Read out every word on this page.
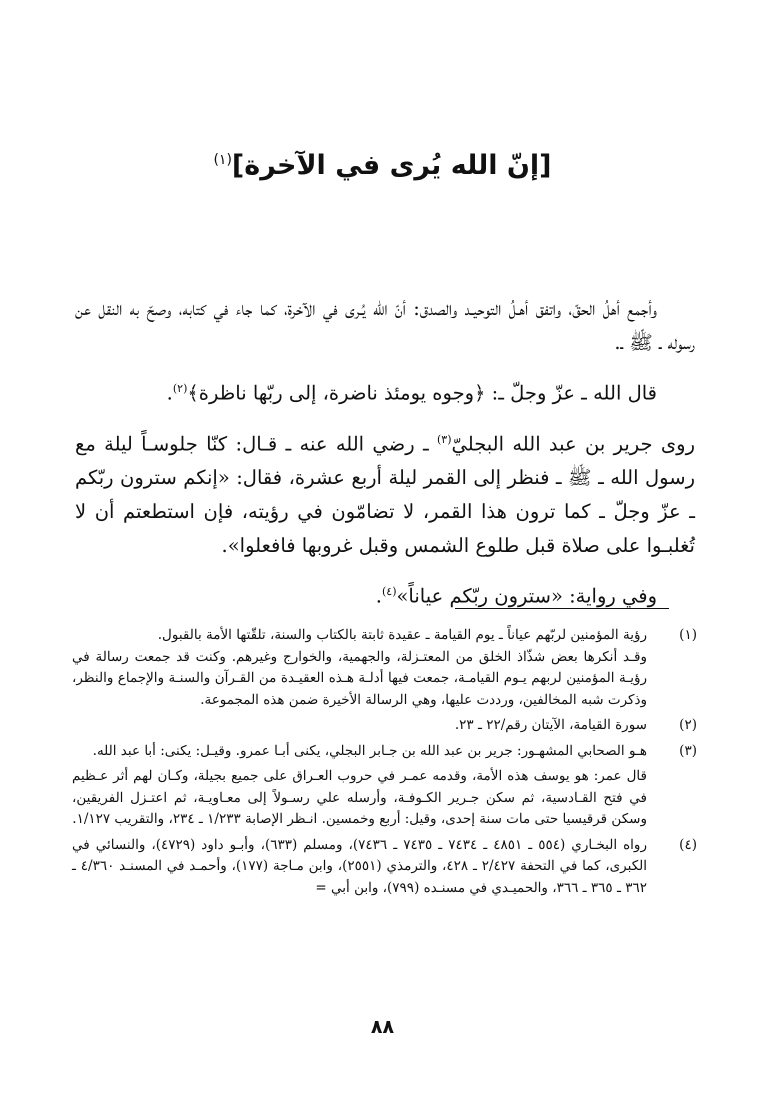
[إنّ الله يُرى في الآخرة]$^{(١)}$

وأجمع أهلُ الحقّ، واتفق أهـلُ التوحيـد والصدق: أنّ الله يُـرى في الآخرة، كما جاء في كتابه، وصحّ به النقل عن رسوله ـ ﷺ ـ.

قال الله ـ عزّ وجلّ ـ: ﴿وجوه يومئذ ناضرة، إلى ربّها ناظرة﴾$^{(٢)}$.

روى جرير بن عبد الله البجليّ$^{(٣)}$ ـ رضي الله عنه ـ قـال: كنّا جلوسـاً ليلة مع رسول الله ـ ﷺ ـ فنظر إلى القمر ليلة أربع عشرة، فقال: «إنكم سترون ربّكم ـ عزّ وجلّ ـ كما ترون هذا القمر، لا تضامّون في رؤيته، فإن استطعتم أن لا تُغلبـوا على صلاة قبل طلوع الشمس وقبل غروبها فافعلوا».

وفي رواية: «سترون ربّكم عياناً»$^{(٤)}$.

(١)
رؤية المؤمنين لربّهم عياناً ـ يوم القيامة ـ عقيدة ثابتة بالكتاب والسنة، تلقّتها الأمة بالقبول.
وقـد أنكرها بعض شذّاذ الخلق من المعتـزلة، والجهمية، والخوارج وغيرهم. وكنت قد جمعت رسالة في رؤيـة المؤمنين لربهم يـوم القيامـة، جمعت فيها أدلـة هـذه العقيـدة من القـرآن والسنـة والإجماع والنظر، وذكرت شبه المخالفين، ورددت عليها، وهي الرسالة الأخيرة ضمن هذه المجموعة.
(٢)
سورة القيامة، الآيتان رقم/٢٢ ـ ٢٣.
(٣)
هـو الصحابي المشهـور: جرير بن عبد الله بن جـابر البجلي، يكنى أبـا عمرو. وقيـل: يكنى: أبا عبد الله.
قال عمر: هو يوسف هذه الأمة، وقدمه عمـر في حروب العـراق على جميع بجيلة، وكـان لهم أثر عـظيم في فتح القـادسية، ثم سكن جـرير الكـوفـة، وأرسله علي رسـولاً إلى معـاويـة، ثم اعتـزل الفريقين، وسكن قرقيسيا حتى مات سنة إحدى، وقيل: أربع وخمسين. انـظر الإصابة ١/٢٣٣ ـ ٢٣٤، والتقريب ١/١٢٧.
(٤)
رواه البخـاري (٥٥٤ ـ ٤٨٥١ ـ ٧٤٣٤ ـ ٧٤٣٥ ـ ٧٤٣٦)، ومسلم (٦٣٣)، وأبـو داود (٤٧٢٩)، والنسائي في الكبرى، كما في التحفة ٢/٤٢٧ ـ ٤٢٨، والترمذي (٢٥٥١)، وابن مـاجة (١٧٧)، وأحمـد في المسنـد ٤/٣٦٠ ـ ٣٦٢ ـ ٣٦٥ ـ ٣٦٦، والحميـدي في مسنـده (٧٩٩)، وابن أبي =
٨٨
